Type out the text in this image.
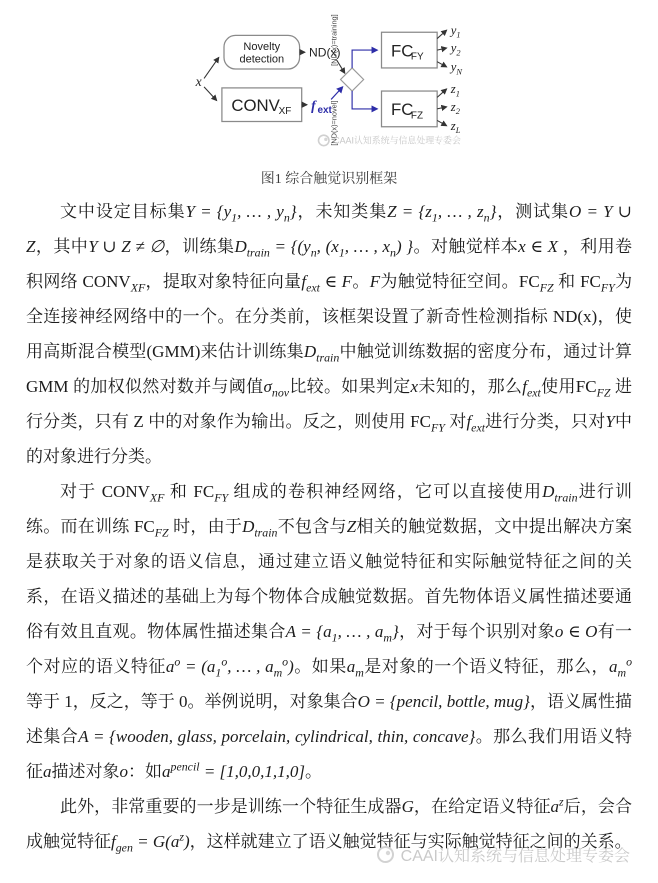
x
Novelty
detection
ND(x)
CONV
XF f ext
[ND(x)=training]
[ND(x)=novel]
FC
FY
FC
FZ
$y_1$
$y_2$
$y_N$
$z_1$
$z_2$
$z_L$
CAAI认知系统与信息处理专委会
图1 综合触觉识别框架

文中设定目标集$Y = \{y_1$, … , $y_n$}，未知类集$Z = \{z_1$, … , $z_n$}，测试集O = Y ∪ Z，其中Y ∪ Z ≠ ∅，训练集$D_{train} = \{(y_n$, ($x_1$, … , $x_n$) }。对触觉样本x ∈ X ，利用卷积网络 $CONV_{XF}$，提取对象特征向量$f_{ext}$ ∈ F。F为触觉特征空间。$FC_{FZ}$ 和 $FC_{FY}$为全连接神经网络中的一个。在分类前，该框架设置了新奇性检测指标 ND(x)，使用高斯混合模型(GMM)来估计训练集$D_{train}$中触觉训练数据的密度分布，通过计算 GMM 的加权似然对数并与阈值$\sigma_{nov}$比较。如果判定x未知的，那么$f_{ext}$使用$FC_{FZ}$ 进行分类，只有 Z 中的对象作为输出。反之，则使用 $FC_{FY}$ 对$f_{ext}$进行分类，只对Y中的对象进行分类。

对于 $CONV_{XF}$ 和 $FC_{FY}$ 组成的卷积神经网络，它可以直接使用$D_{train}$进行训练。而在训练 $FC_{FZ}$ 时，由于$D_{train}$不包含与Z相关的触觉数据，文中提出解决方案是获取关于对象的语义信息，通过建立语义触觉特征和实际触觉特征之间的关系，在语义描述的基础上为每个物体合成触觉数据。首先物体语义属性描述要通俗有效且直观。物体属性描述集合$A = \{a_1$, … , $a_m$}，对于每个识别对象o ∈ O有一个对应的语义特征$a^o = (a_1^o$, … , $a_m^o$)。如果$a_m$是对象的一个语义特征，那么，$a_m^o$等于 1，反之，等于 0。举例说明，对象集合O = {pencil, bottle, mug}，语义属性描述集合A = {wooden, glass, porcelain, cylindrical, thin, concave}。那么我们用语义特征a描述对象o：如$a^{pencil} = [1,0,0,1,1,0]$。

此外，非常重要的一步是训练一个特征生成器G，在给定语义特征$a^z$后，会合成触觉特征$f_{gen} = G(a^z)$，这样就建立了语义触觉特征与实际触觉特征之间的关系。

CAAI认知系统与信息处理专委会
